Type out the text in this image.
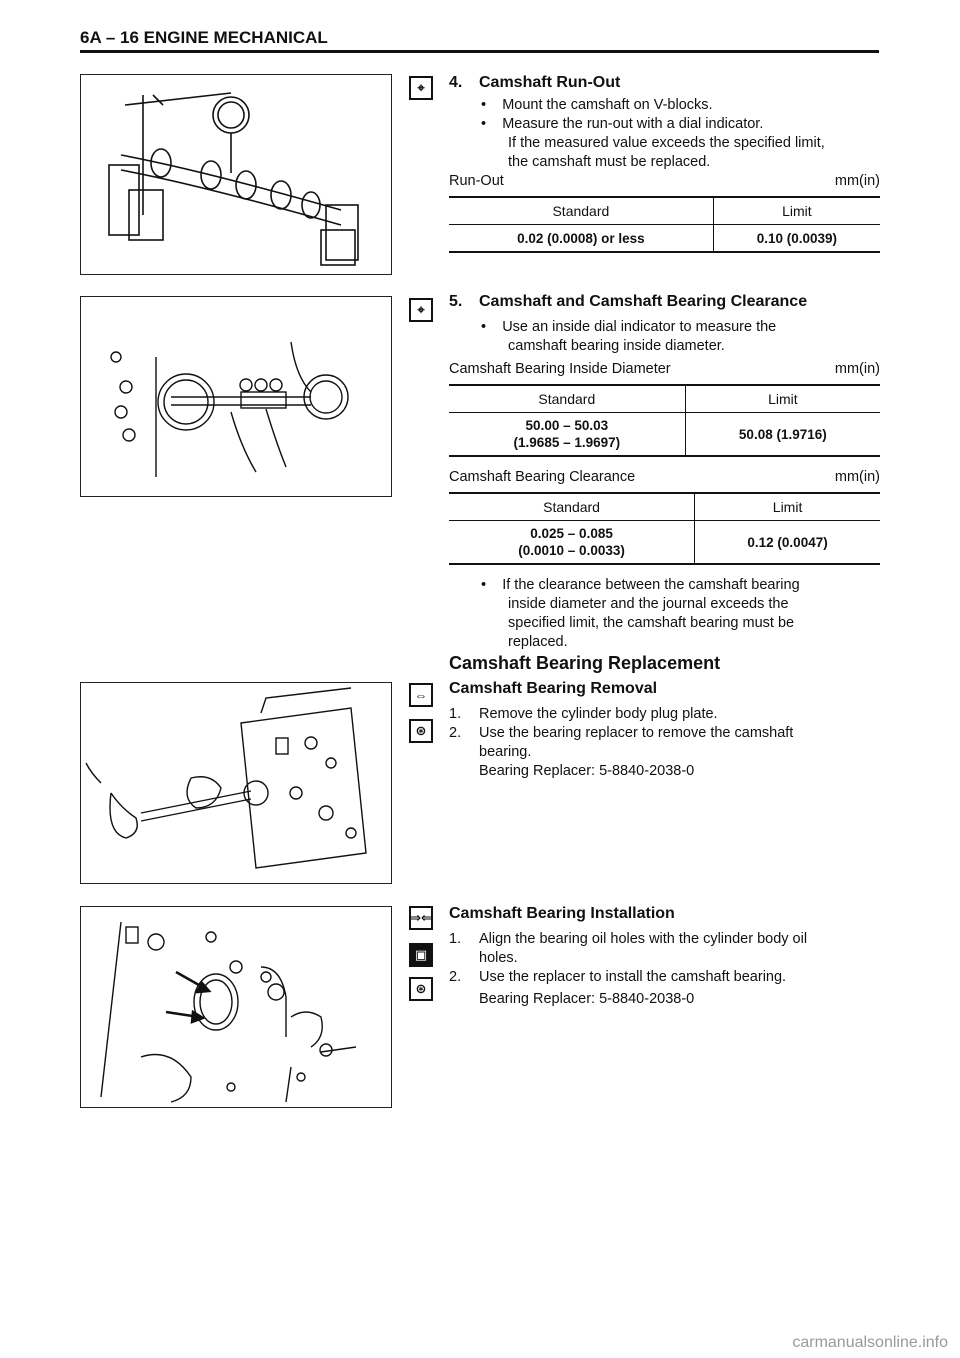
6A – 16 ENGINE MECHANICAL
⌖	4. Camshaft Run-Out
•    Mount the camshaft on V-blocks.
•    Measure the run-out with a dial indicator.
If the measured value exceeds the specified limit,
the camshaft must be replaced.
Run-Out	mm(in)
Standard	Limit
0.02 (0.0008) or less	0.10 (0.0039)
⌖	5. Camshaft and Camshaft Bearing Clearance
•    Use an inside dial indicator to measure the
camshaft bearing inside diameter.
Camshaft Bearing Inside Diameter	mm(in)
Standard	Limit

50.00 – 50.03
(1.9685 – 1.9697)	50.08 (1.9716)
Camshaft Bearing Clearance	mm(in)
Standard	Limit

0.025 – 0.085
(0.0010 – 0.0033)	0.12 (0.0047)
•    If the clearance between the camshaft bearing
inside diameter and the journal exceeds the
specified limit, the camshaft bearing must be
replaced.
Camshaft Bearing Replacement
⇔
⊛
Camshaft Bearing Removal
1.	Remove the cylinder body plug plate.
2.	Use the bearing replacer to remove the camshaft
bearing.
Bearing Replacer: 5-8840-2038-0
⇒⇐
▣
⊛
Camshaft Bearing Installation
1.	Align the bearing oil holes with the cylinder body oil
holes.
2.	Use the replacer to install the camshaft bearing.
Bearing Replacer: 5-8840-2038-0
carmanualsonline.info
